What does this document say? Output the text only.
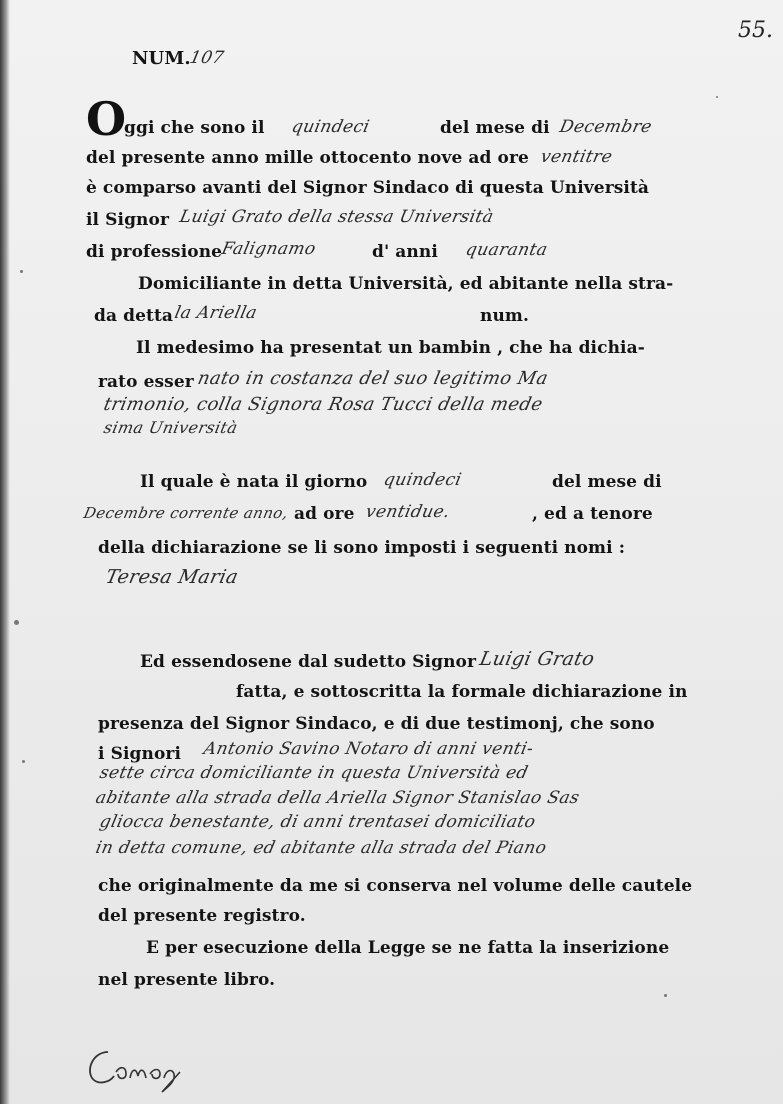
55.
NUM.
107
O
ggi che sono il quindeci	del mese di Decembre
del presente anno mille ottocento nove ad ore ventitre
è comparso avanti del Signor Sindaco di questa Università
il Signor Luigi Grato della stessa Università
di professione
Falignamo	d' anni quaranta
Domiciliante in detta Università, ed abitante nella stra-
da detta la Ariella	num.
Il medesimo ha presentat un bambin , che ha dichia-
rato esser nato in costanza del suo legitimo Ma
trimonio, colla Signora Rosa Tucci della mede
sima Università
Il quale è nata il giorno quindeci	del mese di
Decembre corrente anno, ad ore ventidue.	, ed a tenore
della dichiarazione se li sono imposti i seguenti nomi :
Teresa Maria
Ed essendosene dal sudetto Signor Luigi Grato
fatta, e sottoscritta la formale dichiarazione in
presenza del Signor Sindaco, e di due testimonj, che sono
i Signori Antonio Savino Notaro di anni venti-
sette circa domiciliante in questa Università ed
abitante alla strada della Ariella Signor Stanislao Sas
gliocca benestante, di anni trentasei domiciliato
in detta comune, ed abitante alla strada del Piano
che originalmente da me si conserva nel volume delle cautele
del presente registro.
E per esecuzione della Legge se ne fatta la inserizione
nel presente libro.
